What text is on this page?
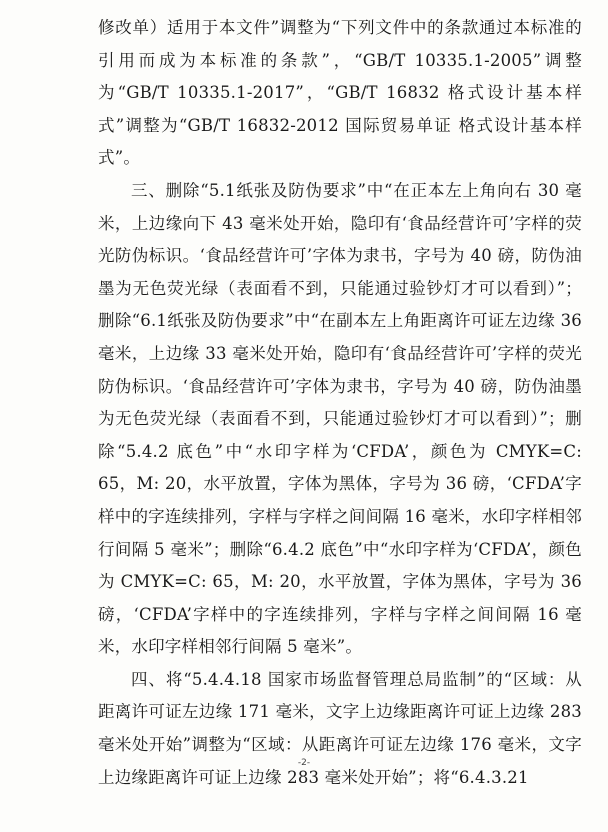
修改单）适用于本文件”调整为“下列文件中的条款通过本标准的引用而成为本标准的条款”，“GB/T 10335.1-2005”调整为“GB/T 10335.1-2017”，“GB/T 16832 格式设计基本样式”调整为“GB/T 16832-2012 国际贸易单证 格式设计基本样式”。

三、删除“5.1纸张及防伪要求”中“在正本左上角向右 30 毫米，上边缘向下 43 毫米处开始，隐印有‘食品经营许可’字样的荧光防伪标识。‘食品经营许可’字体为隶书，字号为 40 磅，防伪油墨为无色荧光绿（表面看不到，只能通过验钞灯才可以看到）”；删除“6.1纸张及防伪要求”中“在副本左上角距离许可证左边缘 36 毫米，上边缘 33 毫米处开始，隐印有‘食品经营许可’字样的荧光防伪标识。‘食品经营许可’字体为隶书，字号为 40 磅，防伪油墨为无色荧光绿（表面看不到，只能通过验钞灯才可以看到）”；删除“5.4.2 底色”中“水印字样为‘CFDA’，颜色为 CMYK=C: 65，M: 20，水平放置，字体为黑体，字号为 36 磅，‘CFDA’字样中的字连续排列，字样与字样之间间隔 16 毫米，水印字样相邻行间隔 5 毫米”；删除“6.4.2 底色”中“水印字样为‘CFDA’，颜色为 CMYK=C: 65，M: 20，水平放置，字体为黑体，字号为 36 磅，‘CFDA’字样中的字连续排列，字样与字样之间间隔 16 毫米，水印字样相邻行间隔 5 毫米”。

四、将“5.4.4.18 国家市场监督管理总局监制”的“区域：从距离许可证左边缘 171 毫米，文字上边缘距离许可证上边缘 283 毫米处开始”调整为“区域：从距离许可证左边缘 176 毫米，文字上边缘距离许可证上边缘 283 毫米处开始”；将“6.4.3.21

-2-
